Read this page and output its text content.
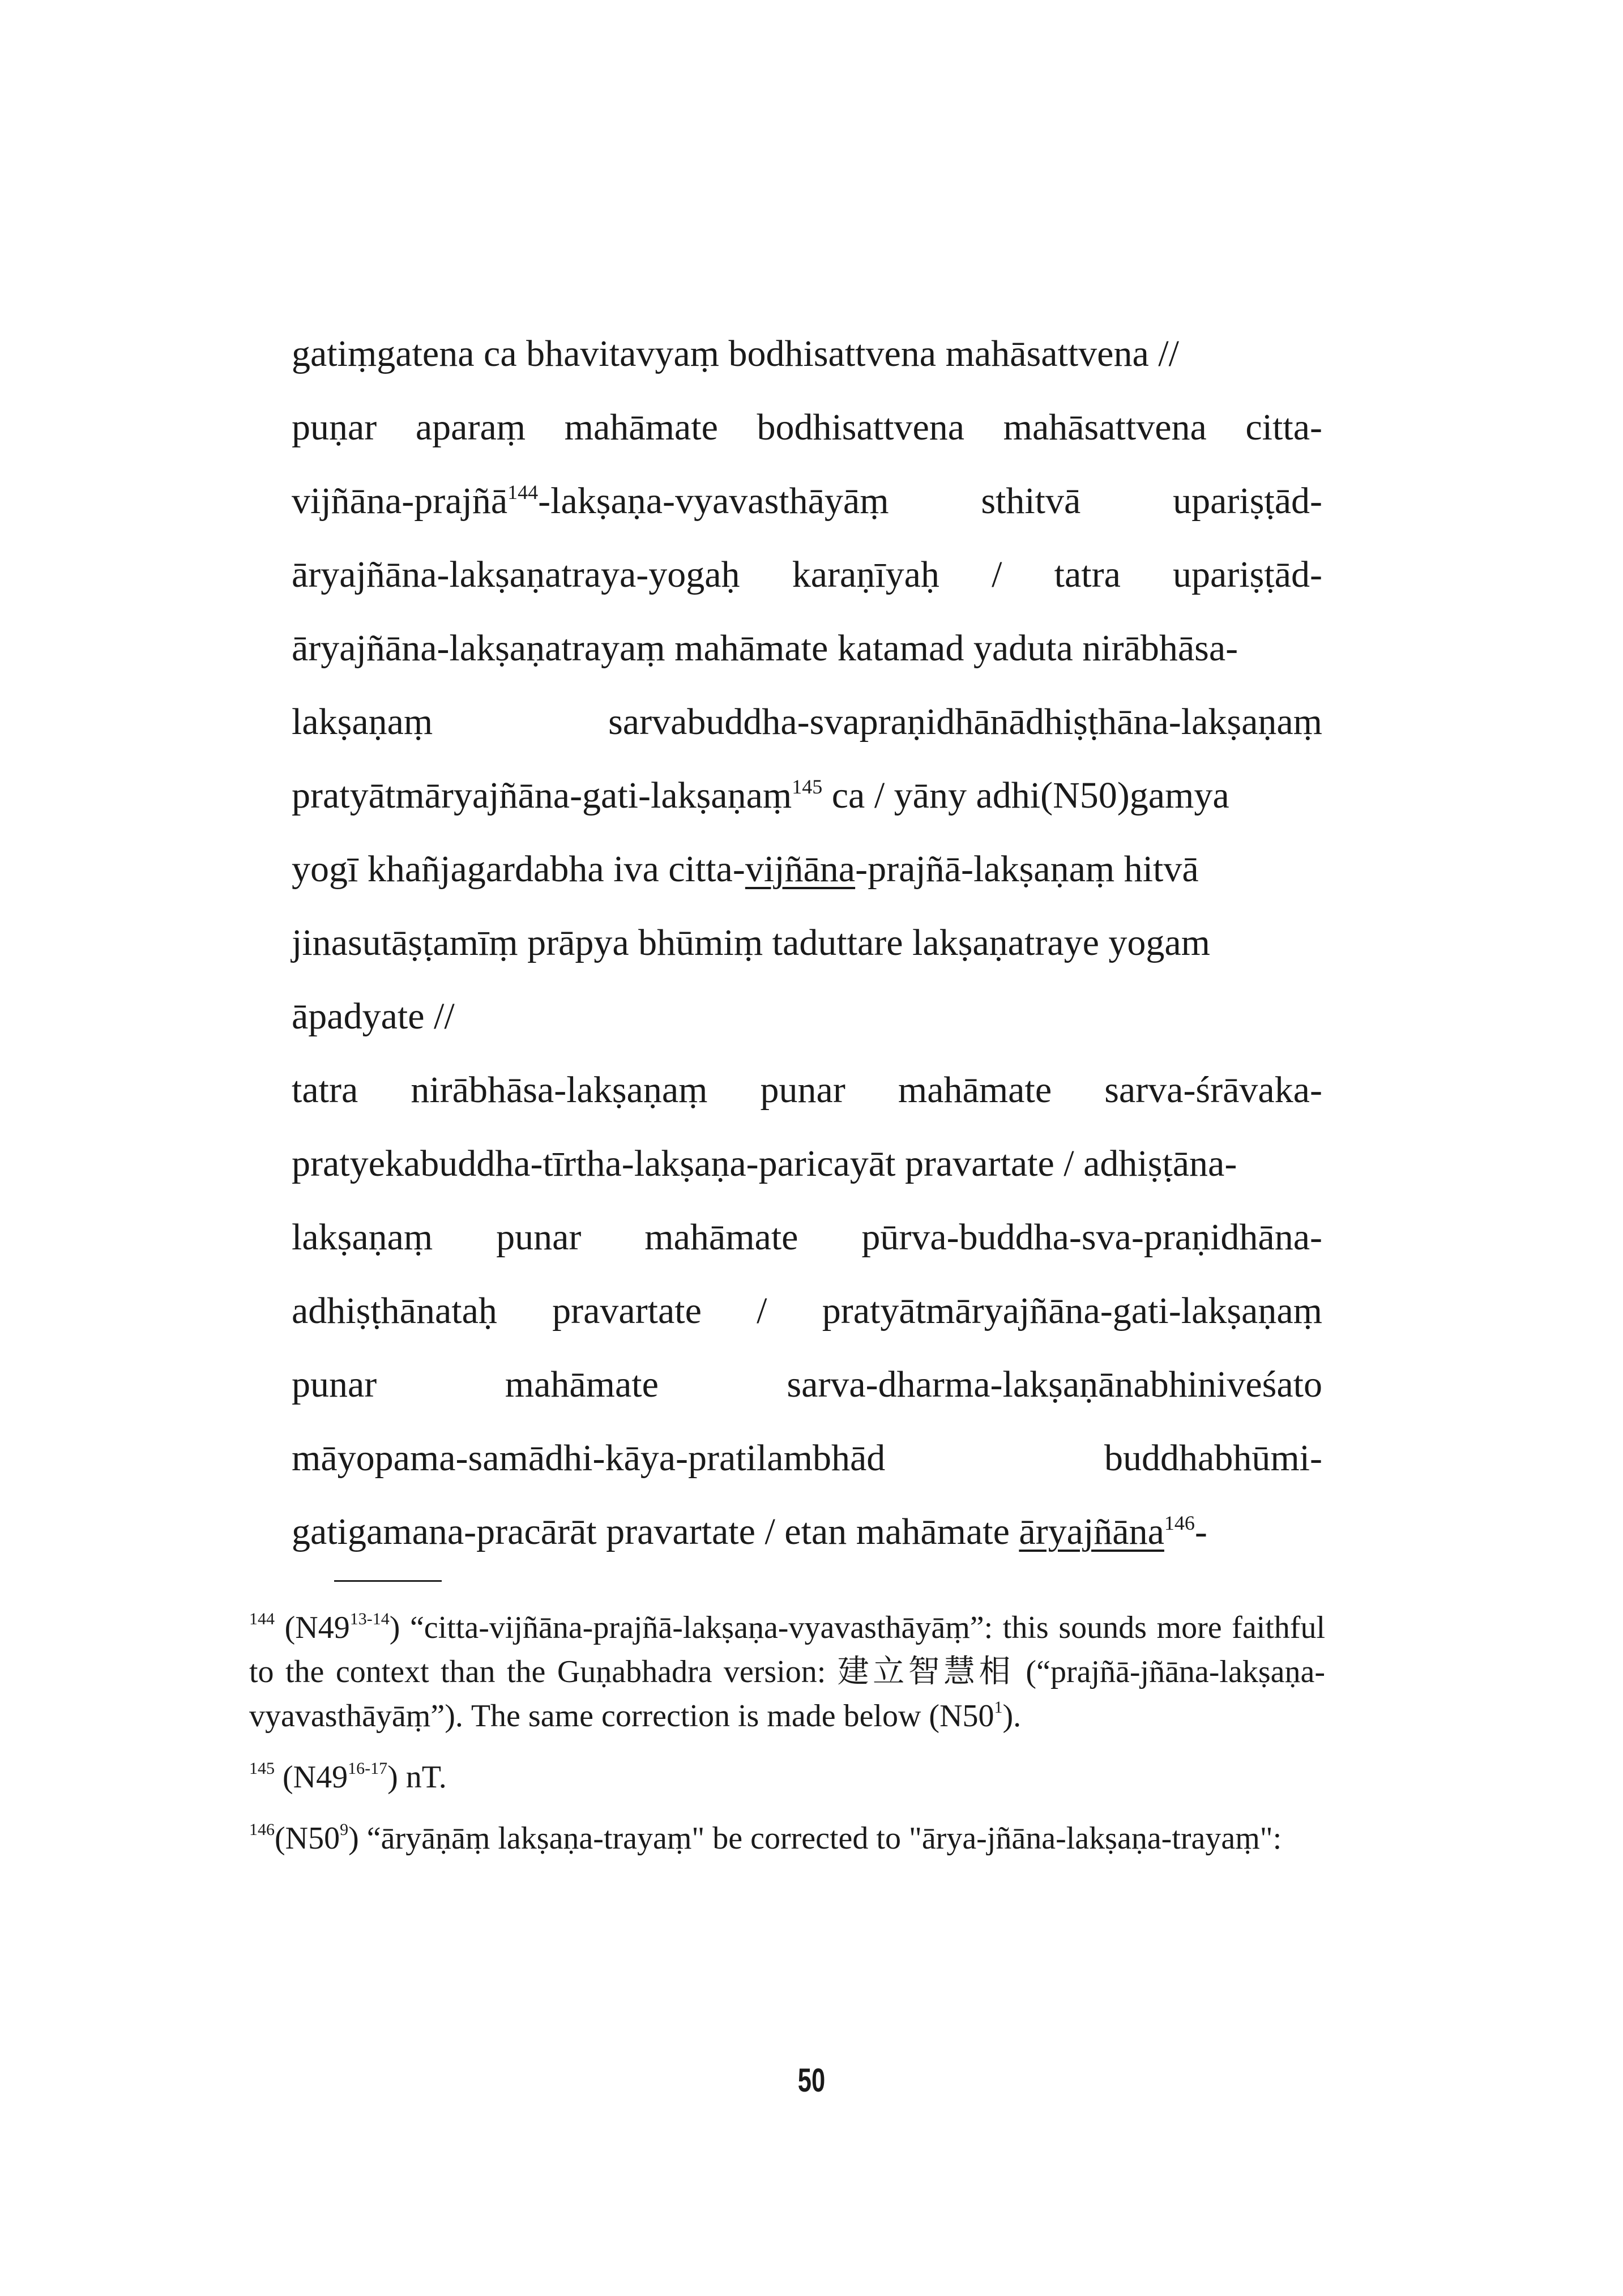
gatiṃgatena ca bhavitavyaṃ bodhisattvena mahāsattvena //
puṇar aparaṃ mahāmate bodhisattvena mahāsattvena citta-
vijñāna-prajñā$^{144}$-lakṣaṇa-vyavasthāyāṃ sthitvā upariṣṭād-
āryajñāna-lakṣaṇatraya-yogaḥ karaṇīyaḥ / tatra upariṣṭād-
āryajñāna-lakṣaṇatrayaṃ mahāmate katamad yaduta nirābhāsa-
lakṣaṇaṃ	sarvabuddha-svapraṇidhānādhiṣṭhāna-lakṣaṇaṃ
pratyātmāryajñāna-gati-lakṣaṇaṃ$^{145}$ ca / yāny adhi(N50)gamya
yogī khañjagardabha iva citta-vijñāna-prajñā-lakṣaṇaṃ hitvā
jinasutāṣṭamīṃ prāpya bhūmiṃ taduttare lakṣaṇatraye yogam
āpadyate //
tatra nirābhāsa-lakṣaṇaṃ punar mahāmate sarva-śrāvaka-
pratyekabuddha-tīrtha-lakṣaṇa-paricayāt pravartate / adhiṣṭāna-
lakṣaṇaṃ punar mahāmate pūrva-buddha-sva-praṇidhāna-
adhiṣṭhānataḥ pravartate / pratyātmāryajñāna-gati-lakṣaṇaṃ
punar	mahāmate	sarva-dharma-lakṣaṇānabhiniveśato
māyopama-samādhi-kāya-pratilambhād	buddhabhūmi-
gatigamana-pracārāt pravartate / etan mahāmate āryajñāna$^{146}$-
$^{144}$ (N49$^{13-14}$) “citta-vijñāna-prajñā-lakṣaṇa-vyavasthāyāṃ”: this sounds more faithful to the context than the Guṇabhadra version: 建立智慧相 (“prajñā-jñāna-lakṣaṇa-vyavasthāyāṃ”). The same correction is made below $(N50^1)$.
$^{145}$ (N49$^{16-17}$) nT.
$^{146}(N50^9)$ “āryāṇāṃ lakṣaṇa-trayaṃ" be corrected to "ārya-jñāna-lakṣaṇa-trayaṃ":
50
